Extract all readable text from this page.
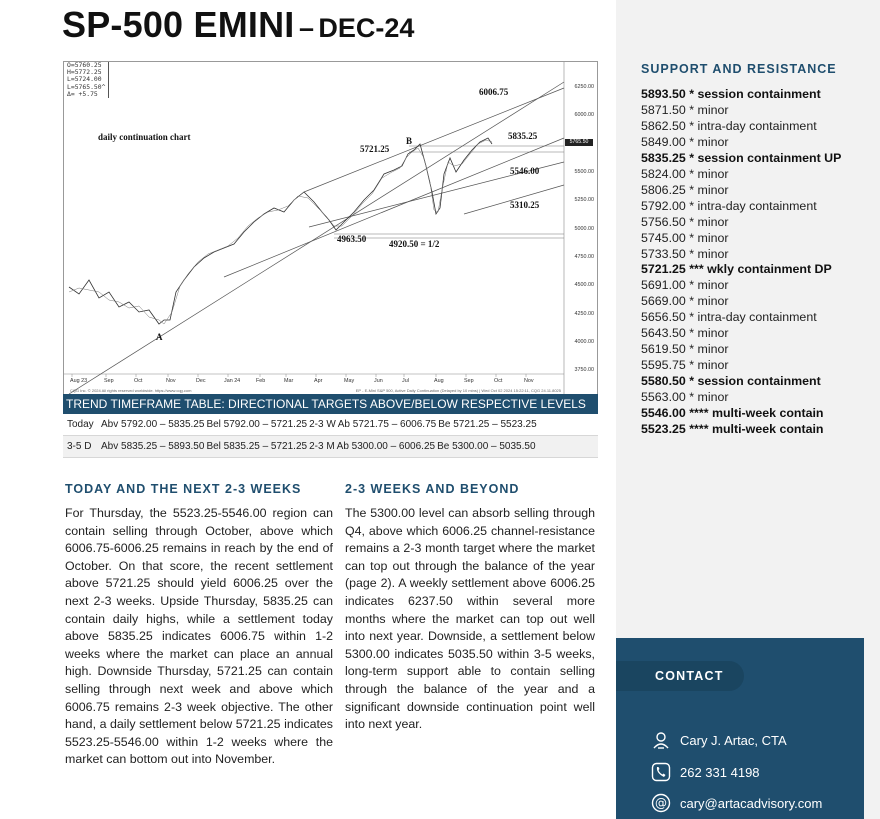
SP-500 EMINI – DEC-24
O=5760.25
H=5772.25
L=5724.00
L=5765.50^
Δ= +5.75
daily continuation chart
6006.75
5835.25
5721.25
B
5546.00
5310.25
4963.50	4920.50 = 1/2
A
5765.50
6250.00
6000.00
5500.00
5250.00
5000.00
4750.00
4500.00
4250.00
4000.00
3750.00
Aug 23	Sep	Oct	Nov	Dec	Jan 24	Feb	Mar	Apr	May	Jun	Jul	Aug	Sep	Oct	Nov
CQG Inc. © 2024 All rights reserved worldwide. https://www.cqg.com	EP - E-Mini S&P 500, Active Daily Continuation (Delayed by 10 mins) | Wed Oct 02 2024 15:22:11, CQG 24.11.8025
TREND TIMEFRAME TABLE: DIRECTIONAL TARGETS ABOVE/BELOW RESPECTIVE LEVELS
Today Abv 5792.00 – 5835.25 Bel 5792.00 – 5721.25 2-3 W Ab 5721.75 – 6006.75 Be 5721.25 – 5523.25
3-5 D Abv 5835.25 – 5893.50 Bel 5835.25 – 5721.25 2-3 M Ab 5300.00 – 6006.25 Be 5300.00 – 5035.50
TODAY AND THE NEXT 2-3 WEEKS	2-3 WEEKS AND BEYOND
For Thursday, the 5523.25-5546.00 region can contain selling through October, above which 6006.75-6006.25 remains in reach by the end of October. On that score, the recent settlement above 5721.25 should yield 6006.25 over the next 2-3 weeks. Upside Thursday, 5835.25 can contain daily highs, while a settlement today above 5835.25 indicates 6006.75 within 1-2 weeks where the market can place an annual high. Downside Thursday, 5721.25 can contain selling through next week and above which 6006.75 remains 2-3 week objective. The other hand, a daily settlement below 5721.25 indicates 5523.25-5546.00 within 1-2 weeks where the market can bottom out into November.
The 5300.00 level can absorb selling through Q4, above which 6006.25 channel-resistance remains a 2-3 month target where the market can top out through the balance of the year (page 2). A weekly settlement above 6006.25 indicates 6237.50 within several more months where the market can top out well into next year. Downside, a settlement below 5300.00 indicates 5035.50 within 3-5 weeks, long-term support able to contain selling through the balance of the year and a significant downside continuation point well into next year.
SUPPORT AND RESISTANCE
5893.50 * session containment
5871.50 * minor
5862.50 * intra-day containment
5849.00 * minor
5835.25 * session containment UP
5824.00 * minor
5806.25 * minor
5792.00 * intra-day containment
5756.50 * minor
5745.00 * minor
5733.50 * minor
5721.25 *** wkly containment DP
5691.00 * minor
5669.00 * minor
5656.50 * intra-day containment
5643.50 * minor
5619.50 * minor
5595.75 * minor
5580.50 * session containment
5563.00 * minor
5546.00 **** multi-week contain
5523.25 **** multi-week contain
CONTACT
Cary J. Artac, CTA
262 331 4198
@ cary@artacadvisory.com
